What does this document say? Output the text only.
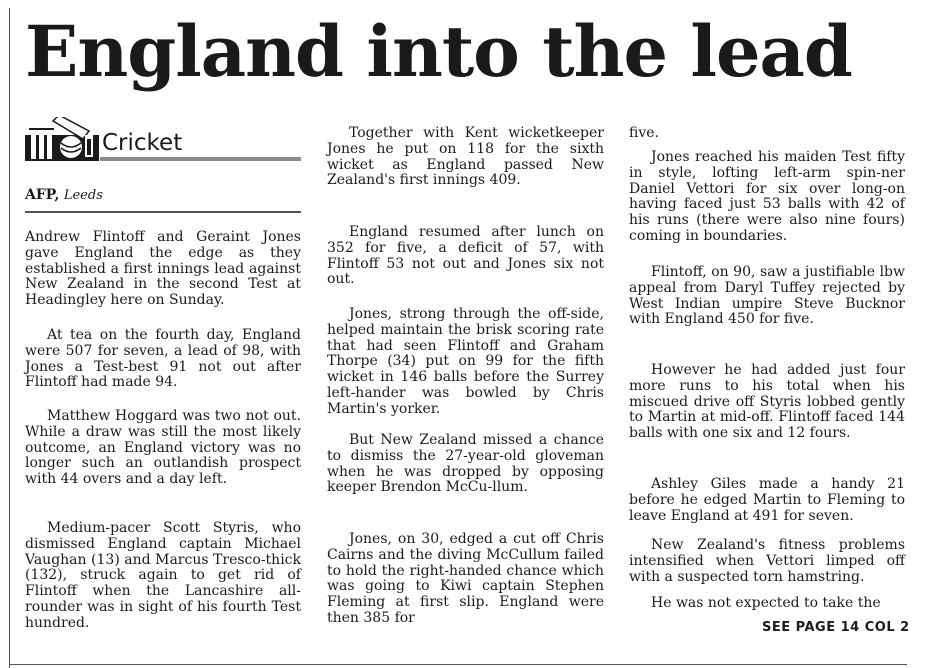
England into the lead
Cricket
AFP, Leeds

Andrew Flintoff and Geraint Jones gave England the edge as they established a first innings lead against New Zealand in the second Test at Headingley here on Sunday.

At tea on the fourth day, England were 507 for seven, a lead of 98, with Jones a Test-best 91 not out after Flintoff had made 94.

Matthew Hoggard was two not out. While a draw was still the most likely outcome, an England victory was no longer such an outlandish prospect with 44 overs and a day left.

Medium-pacer Scott Styris, who dismissed England captain Michael Vaughan (13) and Marcus Tresco-thick (132), struck again to get rid of Flintoff when the Lancashire all-rounder was in sight of his fourth Test hundred.

Together with Kent wicketkeeper Jones he put on 118 for the sixth wicket as England passed New Zealand's first innings 409.

England resumed after lunch on 352 for five, a deficit of 57, with Flintoff 53 not out and Jones six not out.

Jones, strong through the off-side, helped maintain the brisk scoring rate that had seen Flintoff and Graham Thorpe (34) put on 99 for the fifth wicket in 146 balls before the Surrey left-hander was bowled by Chris Martin's yorker.

But New Zealand missed a chance to dismiss the 27-year-old gloveman when he was dropped by opposing keeper Brendon McCu-llum.

Jones, on 30, edged a cut off Chris Cairns and the diving McCullum failed to hold the right-handed chance which was going to Kiwi captain Stephen Fleming at first slip. England were then 385 for

five.

Jones reached his maiden Test fifty in style, lofting left-arm spin-ner Daniel Vettori for six over long-on having faced just 53 balls with 42 of his runs (there were also nine fours) coming in boundaries.

Flintoff, on 90, saw a justifiable lbw appeal from Daryl Tuffey rejected by West Indian umpire Steve Bucknor with England 450 for five.

However he had added just four more runs to his total when his miscued drive off Styris lobbed gently to Martin at mid-off. Flintoff faced 144 balls with one six and 12 fours.

Ashley Giles made a handy 21 before he edged Martin to Fleming to leave England at 491 for seven.

New Zealand's fitness problems intensified when Vettori limped off with a suspected torn hamstring.

He was not expected to take the

SEE PAGE 14 COL 2
